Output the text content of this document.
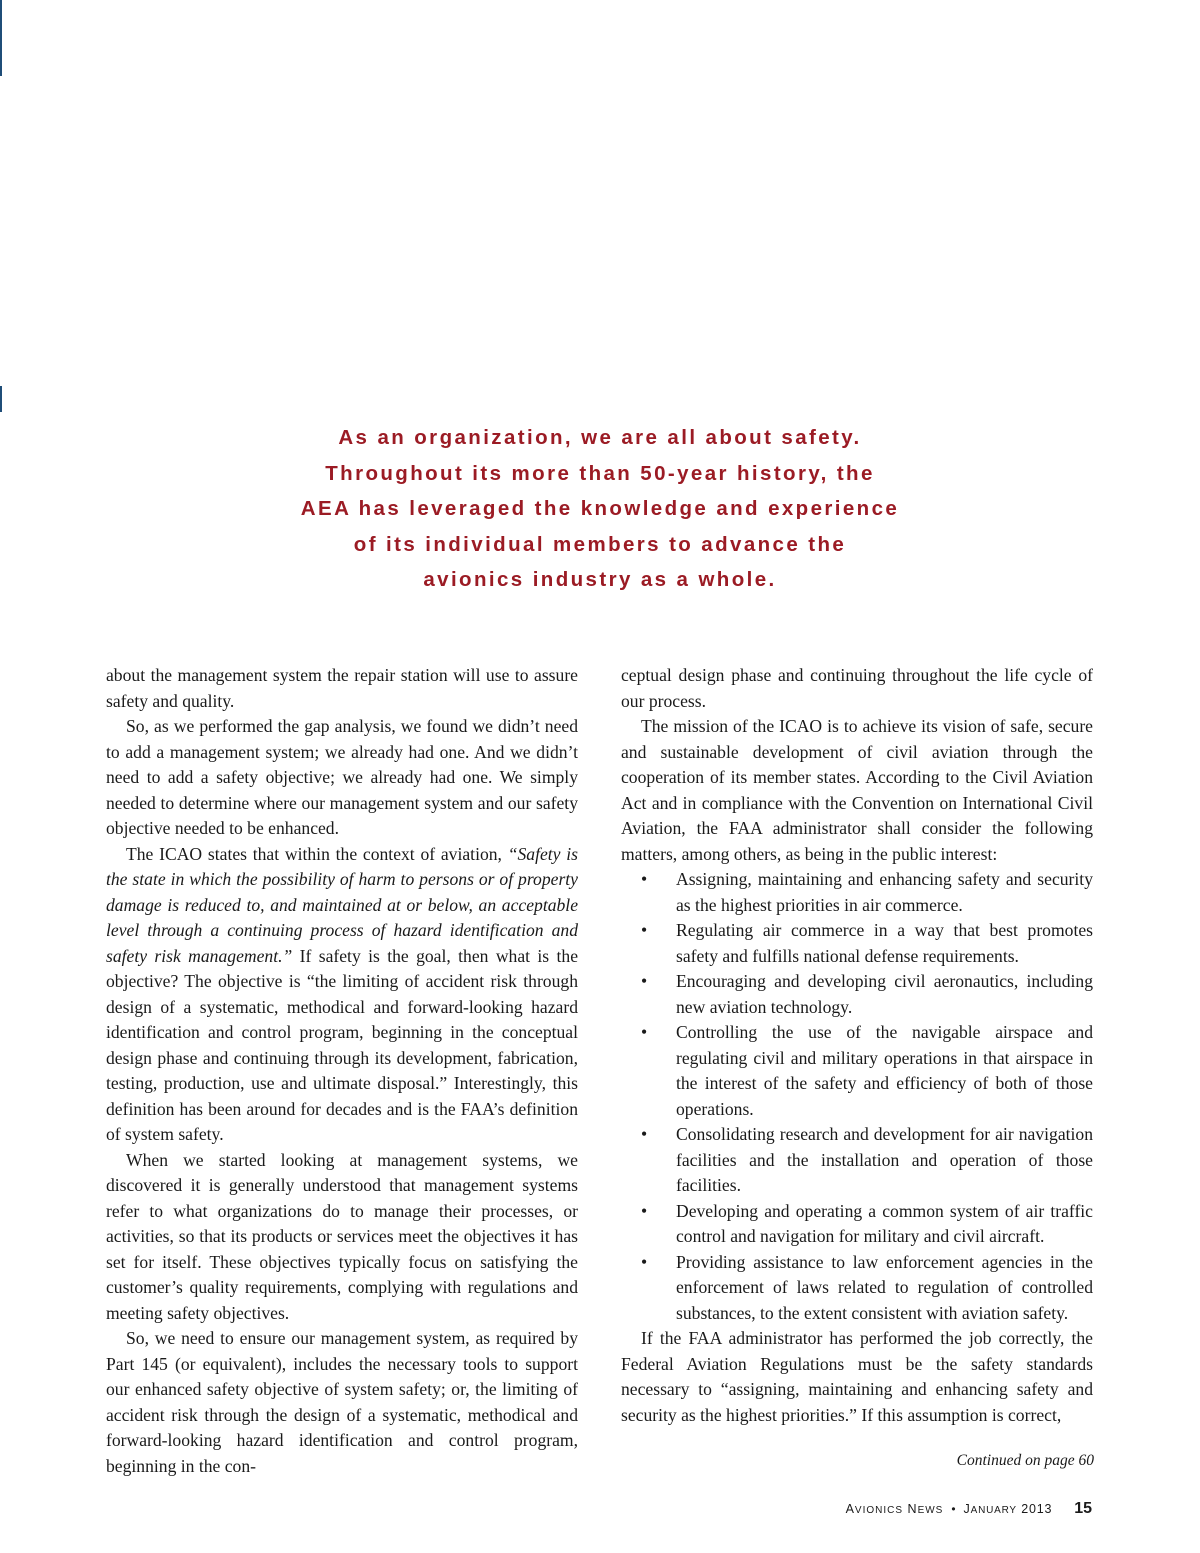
As an organization, we are all about safety.
Throughout its more than 50-year history, the
AEA has leveraged the knowledge and experience
of its individual members to advance the
avionics industry as a whole.

about the management system the repair station will use to assure safety and quality.

So, as we performed the gap analysis, we found we didn’t need to add a management system; we already had one. And we didn’t need to add a safety objective; we already had one. We simply needed to determine where our management system and our safety objective needed to be enhanced.

The ICAO states that within the context of aviation, “Safety is the state in which the possibility of harm to persons or of property damage is reduced to, and maintained at or below, an acceptable level through a continuing process of hazard identification and safety risk management.” If safety is the goal, then what is the objective? The objective is “the limiting of accident risk through design of a systematic, methodical and forward-looking hazard identification and control program, beginning in the conceptual design phase and continuing through its development, fabrication, testing, production, use and ultimate disposal.” Interestingly, this definition has been around for decades and is the FAA’s definition of system safety.

When we started looking at management systems, we discovered it is generally understood that management systems refer to what organizations do to manage their processes, or activities, so that its products or services meet the objectives it has set for itself. These objectives typically focus on satisfying the customer’s quality requirements, complying with regulations and meeting safety objectives.

So, we need to ensure our management system, as required by Part 145 (or equivalent), includes the necessary tools to support our enhanced safety objective of system safety; or, the limiting of accident risk through the design of a systematic, methodical and forward-looking hazard identification and control program, beginning in the con-

ceptual design phase and continuing throughout the life cycle of our process.

The mission of the ICAO is to achieve its vision of safe, secure and sustainable development of civil aviation through the cooperation of its member states. According to the Civil Aviation Act and in compliance with the Convention on International Civil Aviation, the FAA administrator shall consider the following matters, among others, as being in the public interest:

• Assigning, maintaining and enhancing safety and security as the highest priorities in air commerce.
• Regulating air commerce in a way that best promotes safety and fulfills national defense requirements.
• Encouraging and developing civil aeronautics, including new aviation technology.
• Controlling the use of the navigable airspace and regulating civil and military operations in that airspace in the interest of the safety and efficiency of both of those operations.
• Consolidating research and development for air navigation facilities and the installation and operation of those facilities.
• Developing and operating a common system of air traffic control and navigation for military and civil aircraft.
• Providing assistance to law enforcement agencies in the enforcement of laws related to regulation of controlled substances, to the extent consistent with aviation safety.

If the FAA administrator has performed the job correctly, the Federal Aviation Regulations must be the safety standards necessary to “assigning, maintaining and enhancing safety and security as the highest priorities.” If this assumption is correct,

Continued on page 60
AVIONICS NEWS • JANUARY 2013 15
